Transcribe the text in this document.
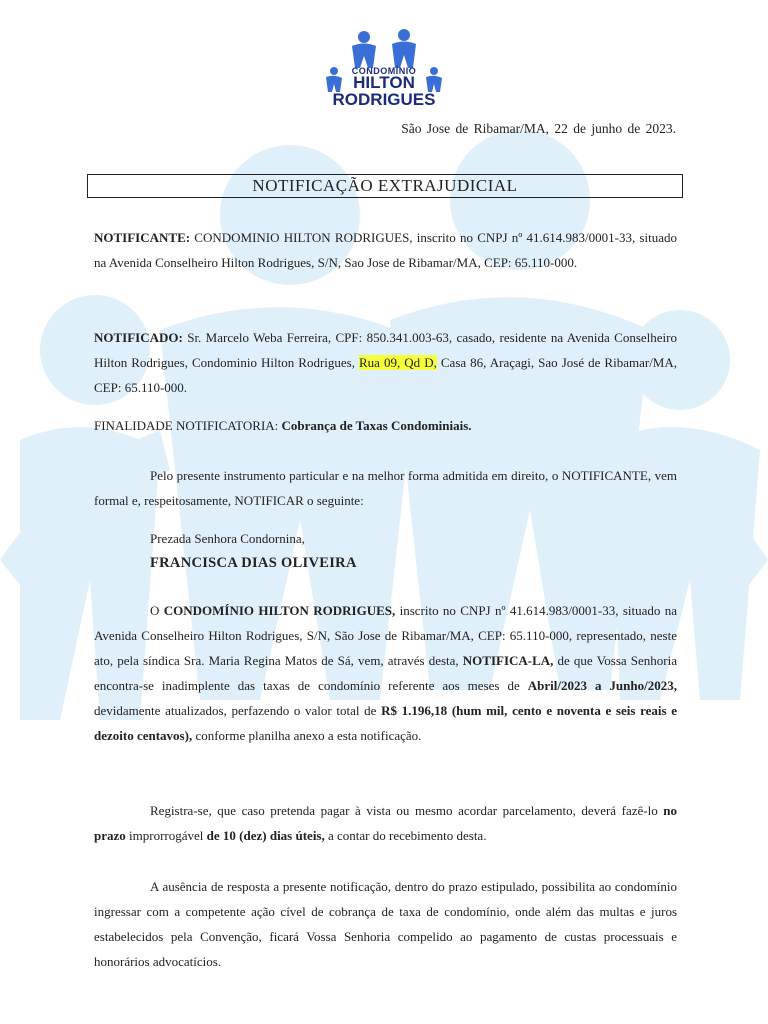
CONDOMÍNIO
HILTON
RODRIGUES
São Jose de Ribamar/MA, 22 de junho de 2023.
NOTIFICAÇÃO EXTRAJUDICIAL
NOTIFICANTE: CONDOMINIO HILTON RODRIGUES, inscrito no CNPJ nº 41.614.983/0001-33, situado na Avenida Conselheiro Hilton Rodrigues, S/N, Sao Jose de Ribamar/MA, CEP: 65.110-000.
NOTIFICADO: Sr. Marcelo Weba Ferreira, CPF: 850.341.003-63, casado, residente na Avenida Conselheiro Hilton Rodrigues, Condominio Hilton Rodrigues, Rua 09, Qd D, Casa 86, Araçagi, Sao José de Ribamar/MA, CEP: 65.110-000.
FINALIDADE NOTIFICATORIA: Cobrança de Taxas Condominiais.
Pelo presente instrumento particular e na melhor forma admitida em direito, o NOTIFICANTE, vem formal e, respeitosamente, NOTIFICAR o seguinte:
Prezada Senhora Condornina,
FRANCISCA DIAS OLIVEIRA
O CONDOMÍNIO HILTON RODRIGUES, inscrito no CNPJ nº 41.614.983/0001-33, situado na Avenida Conselheiro Hilton Rodrigues, S/N, São Jose de Ribamar/MA, CEP: 65.110-000, representado, neste ato, pela síndica Sra. Maria Regina Matos de Sá, vem, através desta, NOTIFICA-LA, de que Vossa Senhoria encontra-se inadimplente das taxas de condomínio referente aos meses de Abril/2023 a Junho/2023, devidamente atualizados, perfazendo o valor total de R$ 1.196,18 (hum mil, cento e noventa e seis reais e dezoito centavos), conforme planilha anexo a esta notificação.
Registra-se, que caso pretenda pagar à vista ou mesmo acordar parcelamento, deverá fazê-lo no prazo improrrogável de 10 (dez) dias úteis, a contar do recebimento desta.
A ausência de resposta a presente notificação, dentro do prazo estipulado, possibilita ao condomínio ingressar com a competente ação cível de cobrança de taxa de condomínio, onde além das multas e juros estabelecidos pela Convenção, ficará Vossa Senhoria compelido ao pagamento de custas processuais e honorários advocatícios.
